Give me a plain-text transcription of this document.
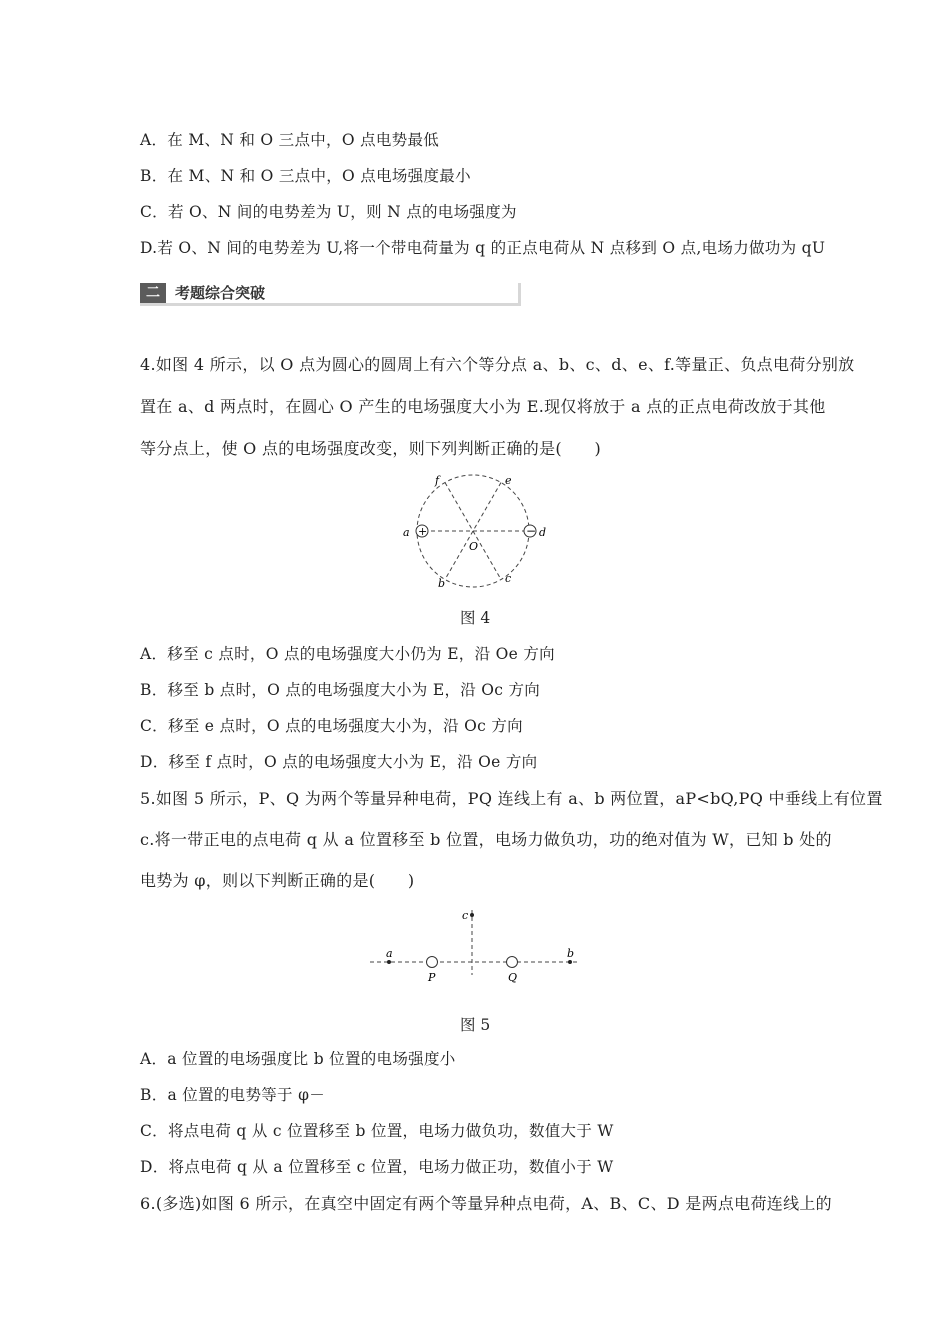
A．在 M、N 和 O 三点中，O 点电势最低
B．在 M、N 和 O 三点中，O 点电场强度最小
C．若 O、N 间的电势差为 U，则 N 点的电场强度为
D.若 O、N 间的电势差为 U,将一个带电荷量为 q 的正点电荷从 N 点移到 O 点,电场力做功为 qU
二	考题综合突破
4.如图 4 所示，以 O 点为圆心的圆周上有六个等分点 a、b、c、d、e、f.等量正、负点电荷分别放
置在 a、d 两点时，在圆心 O 产生的电场强度大小为 E.现仅将放于 a 点的正点电荷改放于其他
等分点上，使 O 点的电场强度改变，则下列判断正确的是(　　)
+	−
a	d
f	e
b	c
O
图 4
A．移至 c 点时，O 点的电场强度大小仍为 E，沿 Oe 方向
B．移至 b 点时，O 点的电场强度大小为 E，沿 Oc 方向
C．移至 e 点时，O 点的电场强度大小为，沿 Oc 方向
D．移至 f 点时，O 点的电场强度大小为 E，沿 Oe 方向
5.如图 5 所示，P、Q 为两个等量异种电荷，PQ 连线上有 a、b 两位置，aP<bQ,PQ 中垂线上有位置
c.将一带正电的点电荷 q 从 a 位置移至 b 位置，电场力做负功，功的绝对值为 W，已知 b 处的
电势为 φ，则以下判断正确的是(　　)
a	b
c
P	Q
图 5
A．a 位置的电场强度比 b 位置的电场强度小
B．a 位置的电势等于 φ－
C．将点电荷 q 从 c 位置移至 b 位置，电场力做负功，数值大于 W
D．将点电荷 q 从 a 位置移至 c 位置，电场力做正功，数值小于 W
6.(多选)如图 6 所示，在真空中固定有两个等量异种点电荷，A、B、C、D 是两点电荷连线上的
